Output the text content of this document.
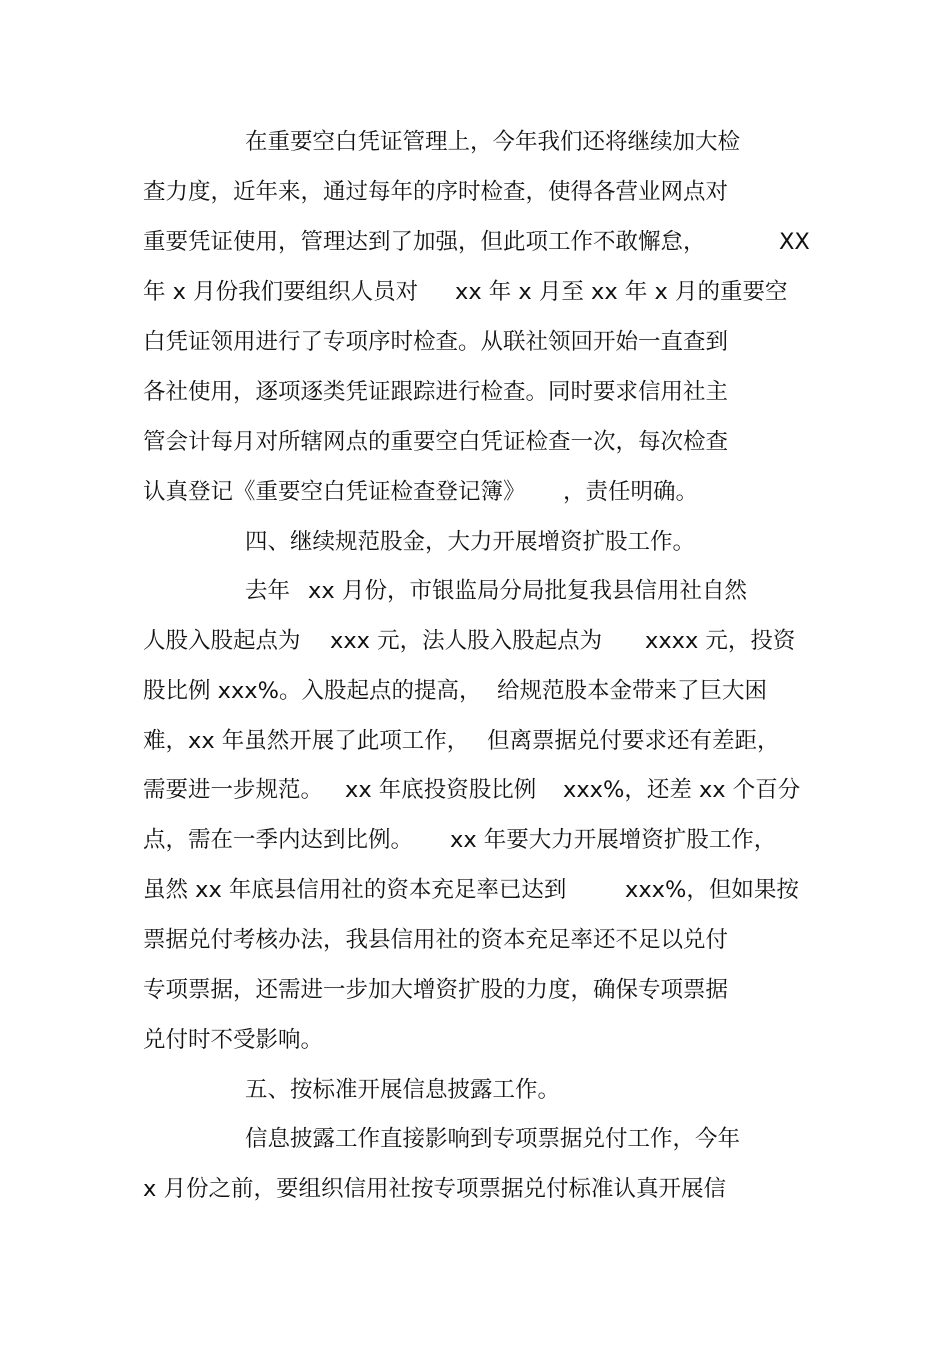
在重要空白凭证管理上，今年我们还将继续加大检
查力度，近年来，通过每年的序时检查，使得各营业网点对
重要凭证使用，管理达到了加强，但此项工作不敢懈怠，	XX
年 x 月份我们要组织人员对 xx 年 x 月至 xx 年 x 月的重要空
白凭证领用进行了专项序时检查。从联社领回开始一直查到
各社使用，逐项逐类凭证跟踪进行检查。同时要求信用社主
管会计每月对所辖网点的重要空白凭证检查一次，每次检查
认真登记《重要空白凭证检查登记簿》 ，责任明确。
四、继续规范股金，大力开展增资扩股工作。
去年 xx 月份，市银监局分局批复我县信用社自然
人股入股起点为 xxx 元，法人股入股起点为 xxxx 元，投资
股比例 xxx%。入股起点的提高， 给规范股本金带来了巨大困
难，xx 年虽然开展了此项工作， 但离票据兑付要求还有差距，
需要进一步规范。 xx 年底投资股比例 xxx%，还差 xx 个百分
点，需在一季内达到比例。 xx 年要大力开展增资扩股工作，
虽然 xx 年底县信用社的资本充足率已达到	xxx%，但如果按
票据兑付考核办法，我县信用社的资本充足率还不足以兑付
专项票据，还需进一步加大增资扩股的力度，确保专项票据
兑付时不受影响。
五、按标准开展信息披露工作。
信息披露工作直接影响到专项票据兑付工作，今年
x 月份之前，要组织信用社按专项票据兑付标准认真开展信
